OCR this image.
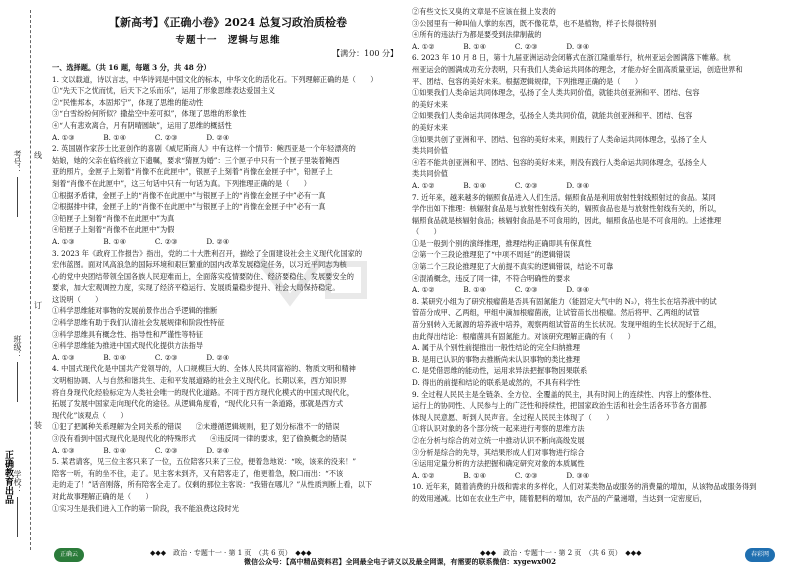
线
订
装
考号：
班级：
学校：
正确教育出品
【新高考】《正确小卷》2024 总复习政治质检卷
专题十一　逻辑与思维
【满分：100 分】

一、选择题。（共 16 题，每题 3 分，共 48 分）

1. 文以载道，诗以言志，中华诗词是中国文化的标本，中华文化的活化石。下列理解正确的是（　　）

①“先天下之忧而忧，后天下之乐而乐”，运用了形象思维表达爱国主义

②“民惟邦本，本固邦宁”，体现了思维的能动性

③“白雪纷纷何所似？撒盐空中差可拟”，体现了思维的形象性

④“人有悲欢离合，月有阴晴圆缺”，运用了思维的概括性

A. ①③　　　　B. ①④　　　　C. ②③　　　　D. ②④

2. 英国剧作家莎士比亚创作的喜剧《威尼斯商人》中有这样一个情节：鲍西亚是一个年轻漂亮的

姑娘，她的父亲在临终前立下遗嘱，要求“猜匣为婚”：三个匣子中只有一个匣子里装着鲍西

亚的照片，金匣子上刻着“肖像不在此匣中”，银匣子上刻着“肖像在金匣子中”，铅匣子上

刻着“肖像不在此匣中”，这三句话中只有一句话为真。下列推理正确的是（　　）

①根据矛盾律，金匣子上的“肖像不在此匣中”与银匣子上的“肖像在金匣子中”必有一真

②根据排中律，金匣子上的“肖像不在此匣中”与银匣子上的“肖像在金匣子中”必有一真

③铅匣子上刻着“肖像不在此匣中”为真

④铅匣子上刻着“肖像不在此匣中”为假

A. ①③　　　　B. ①④　　　　C. ②③　　　　D. ②④

3. 2023 年《政府工作报告》指出，党的二十大胜利召开，描绘了全面建设社会主义现代化国家的

宏伟蓝图。面对风高浪急的国际环境和艰巨繁重的国内改革发展稳定任务，以习近平同志为核

心的党中央团结带领全国各族人民迎难而上，全面落实疫情要防住、经济要稳住、发展要安全的

要求，加大宏观调控力度，实现了经济平稳运行、发展质量稳步提升、社会大局保持稳定。

这说明（　　）

①科学思维能对事物的发展前景作出合乎逻辑的推断

②科学思维有助于我们认清社会发展规律和阶段性特征

③科学思维具有概念性、指导性和严谨性等特征

④科学思维能为推进中国式现代化提供方法指导

A. ①③　　　　B. ①④　　　　C. ②③　　　　D. ②④

4. 中国式现代化是中国共产党领导的，人口规模巨大的、全体人民共同富裕的、物质文明和精神

文明相协调、人与自然和谐共生、走和平发展道路的社会主义现代化。长期以来，西方知识界

将自身现代化经验标定为人类社会唯一的现代化道路。不同于西方现代化模式的中国式现代化，

拓展了发展中国家走向现代化的途径。从逻辑角度看，“现代化只有一条道路，那就是西方式

现代化”该观点（　　）

①犯了把属种关系理解为全同关系的错误　　②未遵循逻辑规则，犯了划分标准不一的错误

③没有看到中国式现代化是现代化的特殊形式　　④违反同一律的要求，犯了偷换概念的错误

A. ①③　　　　B. ①④　　　　C. ②③　　　　D. ②④

5. 某君请客，见三位主客只来了一位，五位陪客只来了三位，便着急地说：“唉，该来的没来！”

陪客一听，有的坐不住，走了。见主客未到齐，又有陪客走了，他更着急，脱口而出：“不该

走的走了！”话音刚落，所有陪客全走了。仅剩的那位主客说：“我错在哪儿？”从性质判断上看，以下

对此故事理解正确的是（　　）

①实习生是我们进入工作的第一阶段，我不能浪费这段时光

②有些文长又臭的文章是不应该在报上发表的

③公园里有一种叫仙人掌的东西，既不像花草，也不是植物，样子长得很特别

④所有的违法行为都是要受到法律制裁的

A. ①②　　　　B. ①④　　　　C. ②③　　　　D. ③④

6. 2023 年 10 月 8 日，第十九届亚洲运动会闭幕式在浙江隆重举行，杭州亚运会圆满落下帷幕。杭

州亚运会的圆满成功充分表明，只有我们人类命运共同体的理念，才能办好全面高质量亚运，创造世界和

平、团结、包容的美好未来。根据逻辑规律，下列推理正确的是（　　）

①如果我们人类命运共同体理念，弘扬了全人类共同价值，就能共创亚洲和平、团结、包容

的美好未来

②如果我们人类命运共同体理念，弘扬全人类共同价值，就能共创亚洲和平、团结、包容

的美好未来

③如果共创了亚洲和平、团结、包容的美好未来，则践行了人类命运共同体理念，弘扬了全人

类共同价值

④若不能共创亚洲和平、团结、包容的美好未来，则没有践行人类命运共同体理念，弘扬全人

类共同价值

A. ①②　　　　B. ①④　　　　C. ②③　　　　D. ③④

7. 近年来，越来越多的辐照食品进入人们生活。辐照食品是利用放射性射线照射过的食品。某同

学作出如下推理：核辐射食品是与放射性射线有关的，辐照食品也是与放射性射线有关的，所以，

辐照食品就是核辐射食品；核辐射食品是不可食用的，因此，辐照食品也是不可食用的。上述推理

（　　）

①是一般到个别的演绎推理，推理结构正确即具有保真性

②第一个三段论推理犯了“中项不周延”的逻辑错误

③第二个三段论推理犯了大前提不真实的逻辑错误，结论不可靠

④混淆概念，违反了同一律，不符合明确性的要求

A. ①②　　　　B. ①④　　　　C. ②③　　　　D. ③④

8. 某研究小组为了研究根瘤菌是否具有固氮能力（能固定大气中的 N₂），将生长在培养液中的试

管苗分成甲、乙两组，甲组中滴加根瘤菌液，让试管苗长出根瘤。然后将甲、乙两组的试管

苗分别转入无氮源的培养液中培养，观察两组试管苗的生长状况。发现甲组的生长状况好于乙组，

由此得出结论：根瘤菌具有固氮能力。对该研究理解正确的有（　　）

A. 属于从个别性前提推出一般性结论的完全归纳推理

B. 是用已认识的事物去推断尚未认识事物的类比推理

C. 是凭借思维的能动性，运用求异法把握事物因果联系

D. 得出的前提和结论的联系是或然的，不具有科学性

9. 全过程人民民主是全链条、全方位、全覆盖的民主，具有时间上的连续性、内容上的整体性、

运行上的协同性、人民参与上的广泛性和持续性，把国家政治生活和社会生活各环节各方面都

体现人民意愿、听到人民声音。全过程人民民主体现了（　　）

①将认识对象的各个部分统一起来进行考察的思维方法

②在分析与综合的对立统一中推动认识不断向高级发展

③分析是综合的先导，其结果形成人们对事物进行综合

④运用定量分析的方法把握和确定研究对象的本质属性

A. ①②　　　　B. ①④　　　　C. ②③　　　　D. ③④

10. 近年来，随着消费的升级和需求的多样化，人们对某类物品或服务的消费量的增加，从该物品或服务得到

的效用递减。比如在农业生产中，随着肥料的增加，农产品的产量递增，当达到一定密度后，

正确云	◆◆◆　政治 · 专题十一 · 第 1 页　（共 6 页）　◆◆◆	◆◆◆　政治 · 专题十一 · 第 2 页　（共 6 页）　◆◆◆	春彩网
微信公众号：【高中精品资料君】全网最全电子讲义以及最全网课，有需要的联系微信：xygewx002
